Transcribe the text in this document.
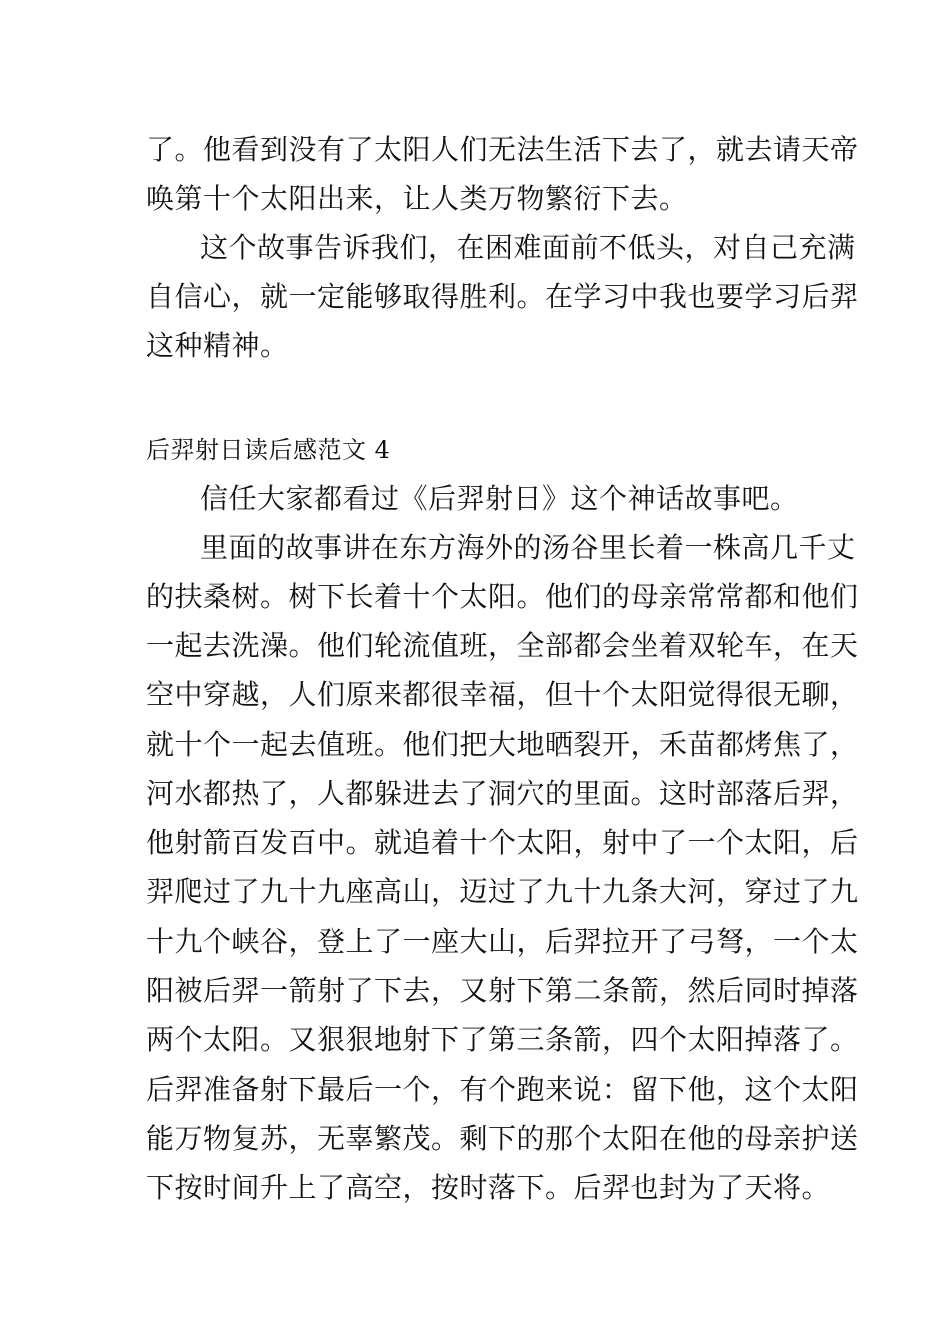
了。他看到没有了太阳人们无法生活下去了，就去请天帝
唤第十个太阳出来，让人类万物繁衍下去。
这个故事告诉我们，在困难面前不低头，对自己充满
自信心，就一定能够取得胜利。在学习中我也要学习后羿
这种精神。
后羿射日读后感范文 4
信任大家都看过《后羿射日》这个神话故事吧。
里面的故事讲在东方海外的汤谷里长着一株高几千丈
的扶桑树。树下长着十个太阳。他们的母亲常常都和他们
一起去洗澡。他们轮流值班，全部都会坐着双轮车，在天
空中穿越，人们原来都很幸福，但十个太阳觉得很无聊，
就十个一起去值班。他们把大地晒裂开，禾苗都烤焦了，
河水都热了，人都躲进去了洞穴的里面。这时部落后羿，
他射箭百发百中。就追着十个太阳，射中了一个太阳，后
羿爬过了九十九座高山，迈过了九十九条大河，穿过了九
十九个峡谷，登上了一座大山，后羿拉开了弓弩，一个太
阳被后羿一箭射了下去，又射下第二条箭，然后同时掉落
两个太阳。又狠狠地射下了第三条箭，四个太阳掉落了。
后羿准备射下最后一个，有个跑来说：留下他，这个太阳
能万物复苏，无辜繁茂。剩下的那个太阳在他的母亲护送
下按时间升上了高空，按时落下。后羿也封为了天将。
